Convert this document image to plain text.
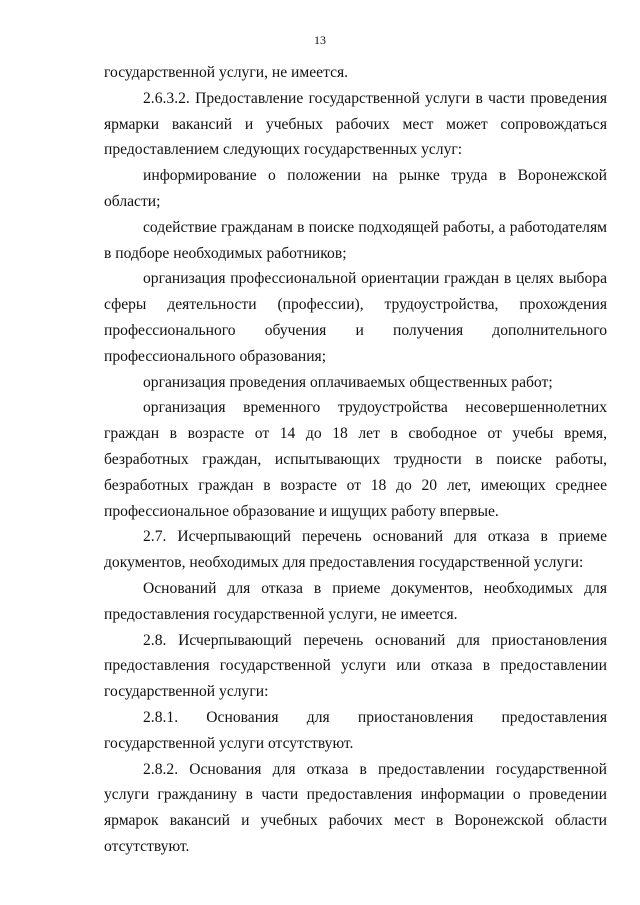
13

государственной услуги, не имеется.

2.6.3.2. Предоставление государственной услуги в части проведения ярмарки вакансий и учебных рабочих мест может сопровождаться предоставлением следующих государственных услуг:

информирование о положении на рынке труда в Воронежской области;

содействие гражданам в поиске подходящей работы, а работодателям в подборе необходимых работников;

организация профессиональной ориентации граждан в целях выбора сферы деятельности (профессии), трудоустройства, прохождения профессионального обучения и получения дополнительного профессионального образования;

организация проведения оплачиваемых общественных работ;

организация временного трудоустройства несовершеннолетних граждан в возрасте от 14 до 18 лет в свободное от учебы время, безработных граждан, испытывающих трудности в поиске работы, безработных граждан в возрасте от 18 до 20 лет, имеющих среднее профессиональное образование и ищущих работу впервые.

2.7. Исчерпывающий перечень оснований для отказа в приеме документов, необходимых для предоставления государственной услуги:

Оснований для отказа в приеме документов, необходимых для предоставления государственной услуги, не имеется.

2.8. Исчерпывающий перечень оснований для приостановления предоставления государственной услуги или отказа в предоставлении государственной услуги:

2.8.1. Основания для приостановления предоставления государственной услуги отсутствуют.

2.8.2. Основания для отказа в предоставлении государственной услуги гражданину в части предоставления информации о проведении ярмарок вакансий и учебных рабочих мест в Воронежской области отсутствуют.
